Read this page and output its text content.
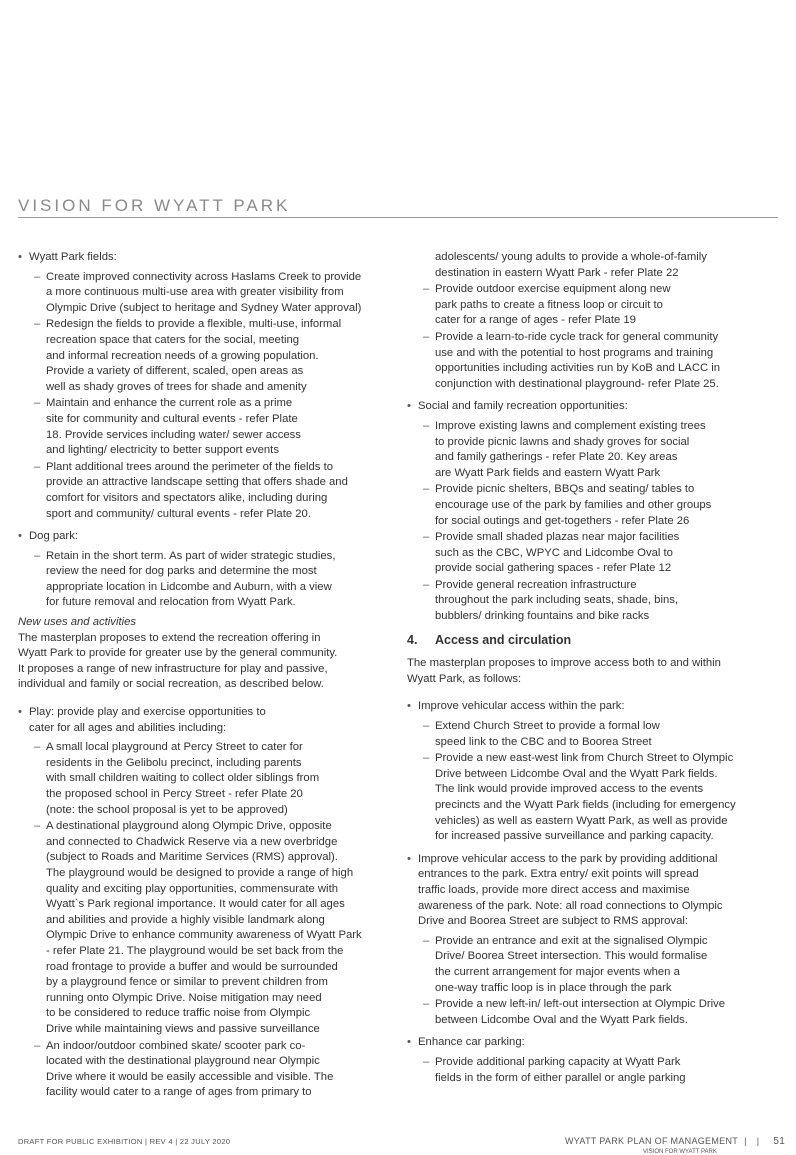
VISION FOR WYATT PARK
• Wyatt Park fields:
– Create improved connectivity across Haslams Creek to provide
a more continuous multi-use area with greater visibility from
Olympic Drive (subject to heritage and Sydney Water approval)
– Redesign the fields to provide a flexible, multi-use, informal
recreation space that caters for the social, meeting
and informal recreation needs of a growing population.
Provide a variety of different, scaled, open areas as
well as shady groves of trees for shade and amenity
– Maintain and enhance the current role as a prime
site for community and cultural events - refer Plate
18. Provide services including water/ sewer access
and lighting/ electricity to better support events
– Plant additional trees around the perimeter of the fields to
provide an attractive landscape setting that offers shade and
comfort for visitors and spectators alike, including during
sport and community/ cultural events - refer Plate 20.
• Dog park:
– Retain in the short term. As part of wider strategic studies,
review the need for dog parks and determine the most
appropriate location in Lidcombe and Auburn, with a view
for future removal and relocation from Wyatt Park.
New uses and activities
The masterplan proposes to extend the recreation offering in
Wyatt Park to provide for greater use by the general community.
It proposes a range of new infrastructure for play and passive,
individual and family or social recreation, as described below.
• Play: provide play and exercise opportunities to
cater for all ages and abilities including:
– A small local playground at Percy Street to cater for
residents in the Gelibolu precinct, including parents
with small children waiting to collect older siblings from
the proposed school in Percy Street - refer Plate 20
(note: the school proposal is yet to be approved)
– A destinational playground along Olympic Drive, opposite
and connected to Chadwick Reserve via a new overbridge
(subject to Roads and Maritime Services (RMS) approval).
The playground would be designed to provide a range of high
quality and exciting play opportunities, commensurate with
Wyatt`s Park regional importance. It would cater for all ages
and abilities and provide a highly visible landmark along
Olympic Drive to enhance community awareness of Wyatt Park
- refer Plate 21. The playground would be set back from the
road frontage to provide a buffer and would be surrounded
by a playground fence or similar to prevent children from
running onto Olympic Drive. Noise mitigation may need
to be considered to reduce traffic noise from Olympic
Drive while maintaining views and passive surveillance
– An indoor/outdoor combined skate/ scooter park co-
located with the destinational playground near Olympic
Drive where it would be easily accessible and visible. The
facility would cater to a range of ages from primary to
adolescents/ young adults to provide a whole-of-family
destination in eastern Wyatt Park - refer Plate 22
– Provide outdoor exercise equipment along new
park paths to create a fitness loop or circuit to
cater for a range of ages - refer Plate 19
– Provide a learn-to-ride cycle track for general community
use and with the potential to host programs and training
opportunities including activities run by KoB and LACC in
conjunction with destinational playground- refer Plate 25.
• Social and family recreation opportunities:
– Improve existing lawns and complement existing trees
to provide picnic lawns and shady groves for social
and family gatherings - refer Plate 20. Key areas
are Wyatt Park fields and eastern Wyatt Park
– Provide picnic shelters, BBQs and seating/ tables to
encourage use of the park by families and other groups
for social outings and get-togethers - refer Plate 26
– Provide small shaded plazas near major facilities
such as the CBC, WPYC and Lidcombe Oval to
provide social gathering spaces - refer Plate 12
– Provide general recreation infrastructure
throughout the park including seats, shade, bins,
bubblers/ drinking fountains and bike racks
4. Access and circulation
The masterplan proposes to improve access both to and within
Wyatt Park, as follows:
• Improve vehicular access within the park:
– Extend Church Street to provide a formal low
speed link to the CBC and to Boorea Street
– Provide a new east-west link from Church Street to Olympic
Drive between Lidcombe Oval and the Wyatt Park fields.
The link would provide improved access to the events
precincts and the Wyatt Park fields (including for emergency
vehicles) as well as eastern Wyatt Park, as well as provide
for increased passive surveillance and parking capacity.
• Improve vehicular access to the park by providing additional
entrances to the park. Extra entry/ exit points will spread
traffic loads, provide more direct access and maximise
awareness of the park. Note: all road connections to Olympic
Drive and Boorea Street are subject to RMS approval:
– Provide an entrance and exit at the signalised Olympic
Drive/ Boorea Street intersection. This would formalise
the current arrangement for major events when a
one-way traffic loop is in place through the park
– Provide a new left-in/ left-out intersection at Olympic Drive
between Lidcombe Oval and the Wyatt Park fields.
• Enhance car parking:
– Provide additional parking capacity at Wyatt Park
fields in the form of either parallel or angle parking
DRAFT FOR PUBLIC EXHIBITION | REV 4 | 22 JULY 2020	WYATT PARK PLAN OF MANAGEMENT | | 51
VISION FOR WYATT PARK
